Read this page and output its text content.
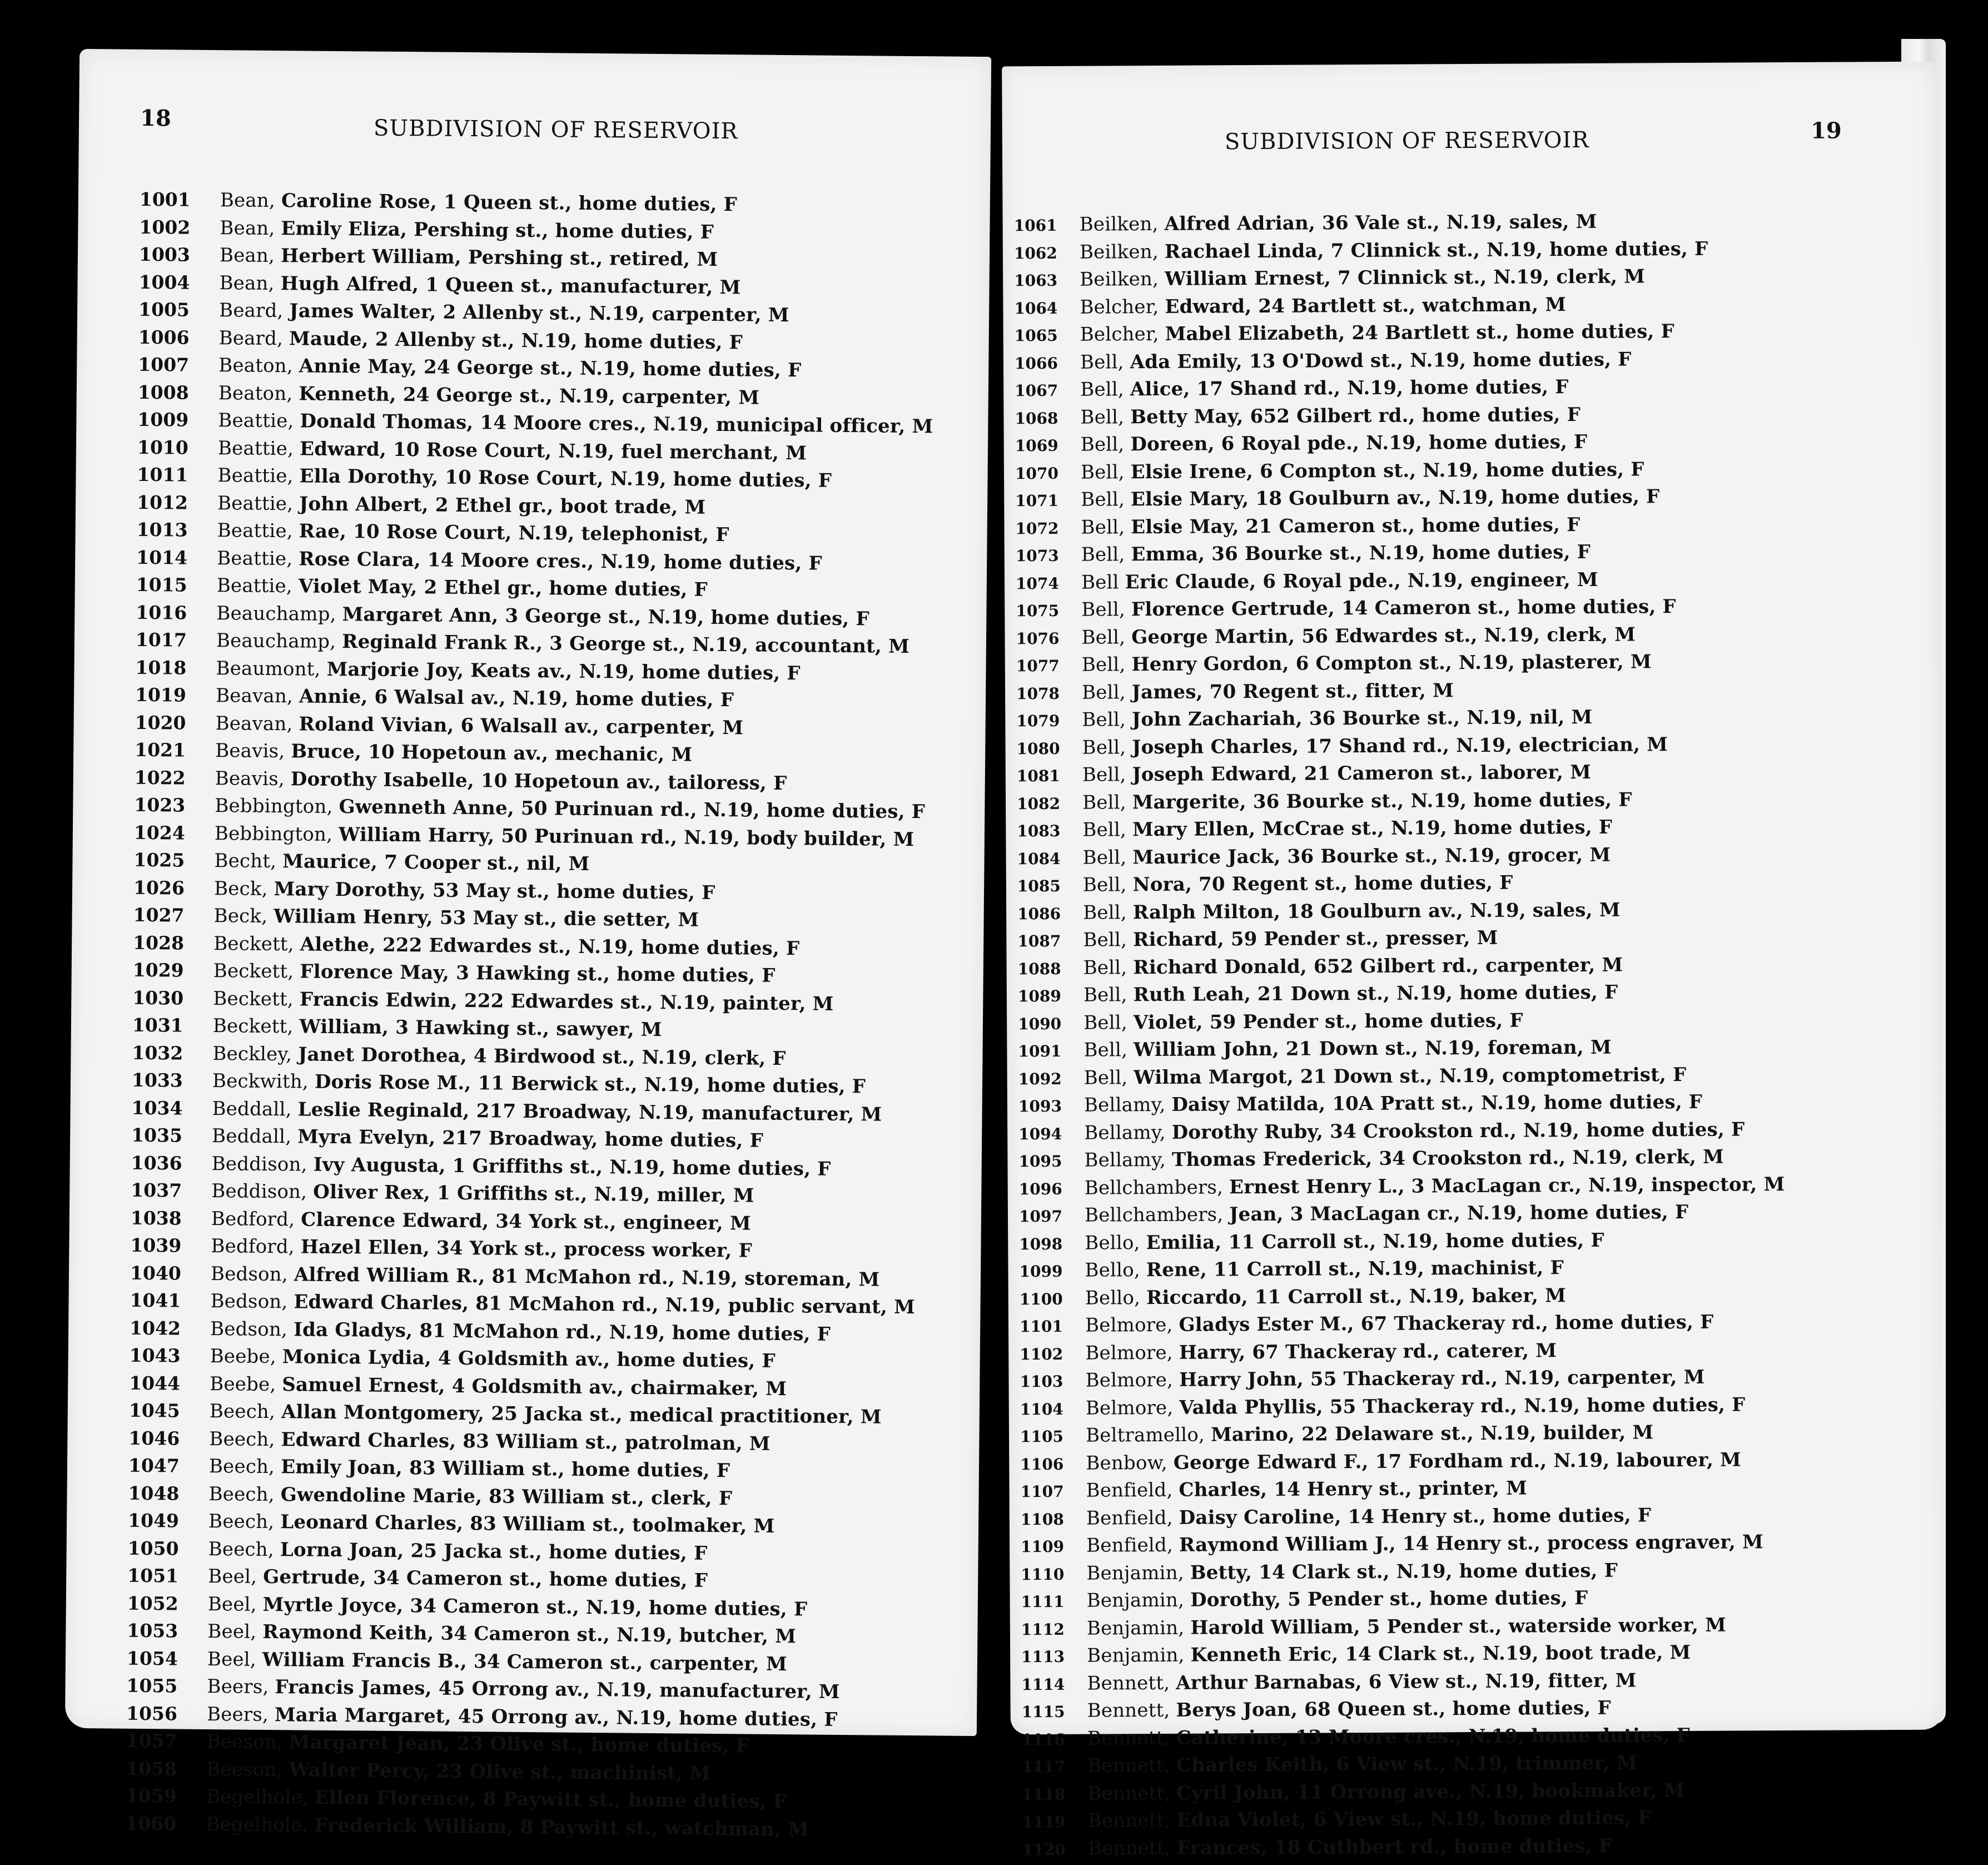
18	SUBDIVISION OF RESERVOIR
1001	Bean, Caroline Rose, 1 Queen st., home duties, F
1002	Bean, Emily Eliza, Pershing st., home duties, F
1003	Bean, Herbert William, Pershing st., retired, M
1004	Bean, Hugh Alfred, 1 Queen st., manufacturer, M
1005	Beard, James Walter, 2 Allenby st., N.19, carpenter, M
1006	Beard, Maude, 2 Allenby st., N.19, home duties, F
1007	Beaton, Annie May, 24 George st., N.19, home duties, F
1008	Beaton, Kenneth, 24 George st., N.19, carpenter, M
1009	Beattie, Donald Thomas, 14 Moore cres., N.19, municipal officer, M
1010	Beattie, Edward, 10 Rose Court, N.19, fuel merchant, M
1011	Beattie, Ella Dorothy, 10 Rose Court, N.19, home duties, F
1012	Beattie, John Albert, 2 Ethel gr., boot trade, M
1013	Beattie, Rae, 10 Rose Court, N.19, telephonist, F
1014	Beattie, Rose Clara, 14 Moore cres., N.19, home duties, F
1015	Beattie, Violet May, 2 Ethel gr., home duties, F
1016	Beauchamp, Margaret Ann, 3 George st., N.19, home duties, F
1017	Beauchamp, Reginald Frank R., 3 George st., N.19, accountant, M
1018	Beaumont, Marjorie Joy, Keats av., N.19, home duties, F
1019	Beavan, Annie, 6 Walsal av., N.19, home duties, F
1020	Beavan, Roland Vivian, 6 Walsall av., carpenter, M
1021	Beavis, Bruce, 10 Hopetoun av., mechanic, M
1022	Beavis, Dorothy Isabelle, 10 Hopetoun av., tailoress, F
1023	Bebbington, Gwenneth Anne, 50 Purinuan rd., N.19, home duties, F
1024	Bebbington, William Harry, 50 Purinuan rd., N.19, body builder, M
1025	Becht, Maurice, 7 Cooper st., nil, M
1026	Beck, Mary Dorothy, 53 May st., home duties, F
1027	Beck, William Henry, 53 May st., die setter, M
1028	Beckett, Alethe, 222 Edwardes st., N.19, home duties, F
1029	Beckett, Florence May, 3 Hawking st., home duties, F
1030	Beckett, Francis Edwin, 222 Edwardes st., N.19, painter, M
1031	Beckett, William, 3 Hawking st., sawyer, M
1032	Beckley, Janet Dorothea, 4 Birdwood st., N.19, clerk, F
1033	Beckwith, Doris Rose M., 11 Berwick st., N.19, home duties, F
1034	Beddall, Leslie Reginald, 217 Broadway, N.19, manufacturer, M
1035	Beddall, Myra Evelyn, 217 Broadway, home duties, F
1036	Beddison, Ivy Augusta, 1 Griffiths st., N.19, home duties, F
1037	Beddison, Oliver Rex, 1 Griffiths st., N.19, miller, M
1038	Bedford, Clarence Edward, 34 York st., engineer, M
1039	Bedford, Hazel Ellen, 34 York st., process worker, F
1040	Bedson, Alfred William R., 81 McMahon rd., N.19, storeman, M
1041	Bedson, Edward Charles, 81 McMahon rd., N.19, public servant, M
1042	Bedson, Ida Gladys, 81 McMahon rd., N.19, home duties, F
1043	Beebe, Monica Lydia, 4 Goldsmith av., home duties, F
1044	Beebe, Samuel Ernest, 4 Goldsmith av., chairmaker, M
1045	Beech, Allan Montgomery, 25 Jacka st., medical practitioner, M
1046	Beech, Edward Charles, 83 William st., patrolman, M
1047	Beech, Emily Joan, 83 William st., home duties, F
1048	Beech, Gwendoline Marie, 83 William st., clerk, F
1049	Beech, Leonard Charles, 83 William st., toolmaker, M
1050	Beech, Lorna Joan, 25 Jacka st., home duties, F
1051	Beel, Gertrude, 34 Cameron st., home duties, F
1052	Beel, Myrtle Joyce, 34 Cameron st., N.19, home duties, F
1053	Beel, Raymond Keith, 34 Cameron st., N.19, butcher, M
1054	Beel, William Francis B., 34 Cameron st., carpenter, M
1055	Beers, Francis James, 45 Orrong av., N.19, manufacturer, M
1056	Beers, Maria Margaret, 45 Orrong av., N.19, home duties, F
1057	Beeson, Margaret Jean, 23 Olive st., home duties, F
1058	Beeson, Walter Percy, 23 Olive st., machinist, M
1059	Begelhole, Ellen Florence, 8 Paywitt st., home duties, F
1060	Begelhole, Frederick William, 8 Paywitt st., watchman, M
SUBDIVISION OF RESERVOIR	19
1061	Beilken, Alfred Adrian, 36 Vale st., N.19, sales, M
1062	Beilken, Rachael Linda, 7 Clinnick st., N.19, home duties, F
1063	Beilken, William Ernest, 7 Clinnick st., N.19, clerk, M
1064	Belcher, Edward, 24 Bartlett st., watchman, M
1065	Belcher, Mabel Elizabeth, 24 Bartlett st., home duties, F
1066	Bell, Ada Emily, 13 O'Dowd st., N.19, home duties, F
1067	Bell, Alice, 17 Shand rd., N.19, home duties, F
1068	Bell, Betty May, 652 Gilbert rd., home duties, F
1069	Bell, Doreen, 6 Royal pde., N.19, home duties, F
1070	Bell, Elsie Irene, 6 Compton st., N.19, home duties, F
1071	Bell, Elsie Mary, 18 Goulburn av., N.19, home duties, F
1072	Bell, Elsie May, 21 Cameron st., home duties, F
1073	Bell, Emma, 36 Bourke st., N.19, home duties, F
1074	Bell Eric Claude, 6 Royal pde., N.19, engineer, M
1075	Bell, Florence Gertrude, 14 Cameron st., home duties, F
1076	Bell, George Martin, 56 Edwardes st., N.19, clerk, M
1077	Bell, Henry Gordon, 6 Compton st., N.19, plasterer, M
1078	Bell, James, 70 Regent st., fitter, M
1079	Bell, John Zachariah, 36 Bourke st., N.19, nil, M
1080	Bell, Joseph Charles, 17 Shand rd., N.19, electrician, M
1081	Bell, Joseph Edward, 21 Cameron st., laborer, M
1082	Bell, Margerite, 36 Bourke st., N.19, home duties, F
1083	Bell, Mary Ellen, McCrae st., N.19, home duties, F
1084	Bell, Maurice Jack, 36 Bourke st., N.19, grocer, M
1085	Bell, Nora, 70 Regent st., home duties, F
1086	Bell, Ralph Milton, 18 Goulburn av., N.19, sales, M
1087	Bell, Richard, 59 Pender st., presser, M
1088	Bell, Richard Donald, 652 Gilbert rd., carpenter, M
1089	Bell, Ruth Leah, 21 Down st., N.19, home duties, F
1090	Bell, Violet, 59 Pender st., home duties, F
1091	Bell, William John, 21 Down st., N.19, foreman, M
1092	Bell, Wilma Margot, 21 Down st., N.19, comptometrist, F
1093	Bellamy, Daisy Matilda, 10A Pratt st., N.19, home duties, F
1094	Bellamy, Dorothy Ruby, 34 Crookston rd., N.19, home duties, F
1095	Bellamy, Thomas Frederick, 34 Crookston rd., N.19, clerk, M
1096	Bellchambers, Ernest Henry L., 3 MacLagan cr., N.19, inspector, M
1097	Bellchambers, Jean, 3 MacLagan cr., N.19, home duties, F
1098	Bello, Emilia, 11 Carroll st., N.19, home duties, F
1099	Bello, Rene, 11 Carroll st., N.19, machinist, F
1100	Bello, Riccardo, 11 Carroll st., N.19, baker, M
1101	Belmore, Gladys Ester M., 67 Thackeray rd., home duties, F
1102	Belmore, Harry, 67 Thackeray rd., caterer, M
1103	Belmore, Harry John, 55 Thackeray rd., N.19, carpenter, M
1104	Belmore, Valda Phyllis, 55 Thackeray rd., N.19, home duties, F
1105	Beltramello, Marino, 22 Delaware st., N.19, builder, M
1106	Benbow, George Edward F., 17 Fordham rd., N.19, labourer, M
1107	Benfield, Charles, 14 Henry st., printer, M
1108	Benfield, Daisy Caroline, 14 Henry st., home duties, F
1109	Benfield, Raymond William J., 14 Henry st., process engraver, M
1110	Benjamin, Betty, 14 Clark st., N.19, home duties, F
1111	Benjamin, Dorothy, 5 Pender st., home duties, F
1112	Benjamin, Harold William, 5 Pender st., waterside worker, M
1113	Benjamin, Kenneth Eric, 14 Clark st., N.19, boot trade, M
1114	Bennett, Arthur Barnabas, 6 View st., N.19, fitter, M
1115	Bennett, Berys Joan, 68 Queen st., home duties, F
1116	Bennett, Catherine, 13 Moore cres., N.19, home duties, F
1117	Bennett, Charles Keith, 6 View st., N.19, trimmer, M
1118	Bennett, Cyril John, 11 Orrong ave., N.19, bookmaker, M
1119	Bennett, Edna Violet, 6 View st., N.19, home duties, F
1120	Bennett, Frances, 18 Cuthbert rd., home duties, F
